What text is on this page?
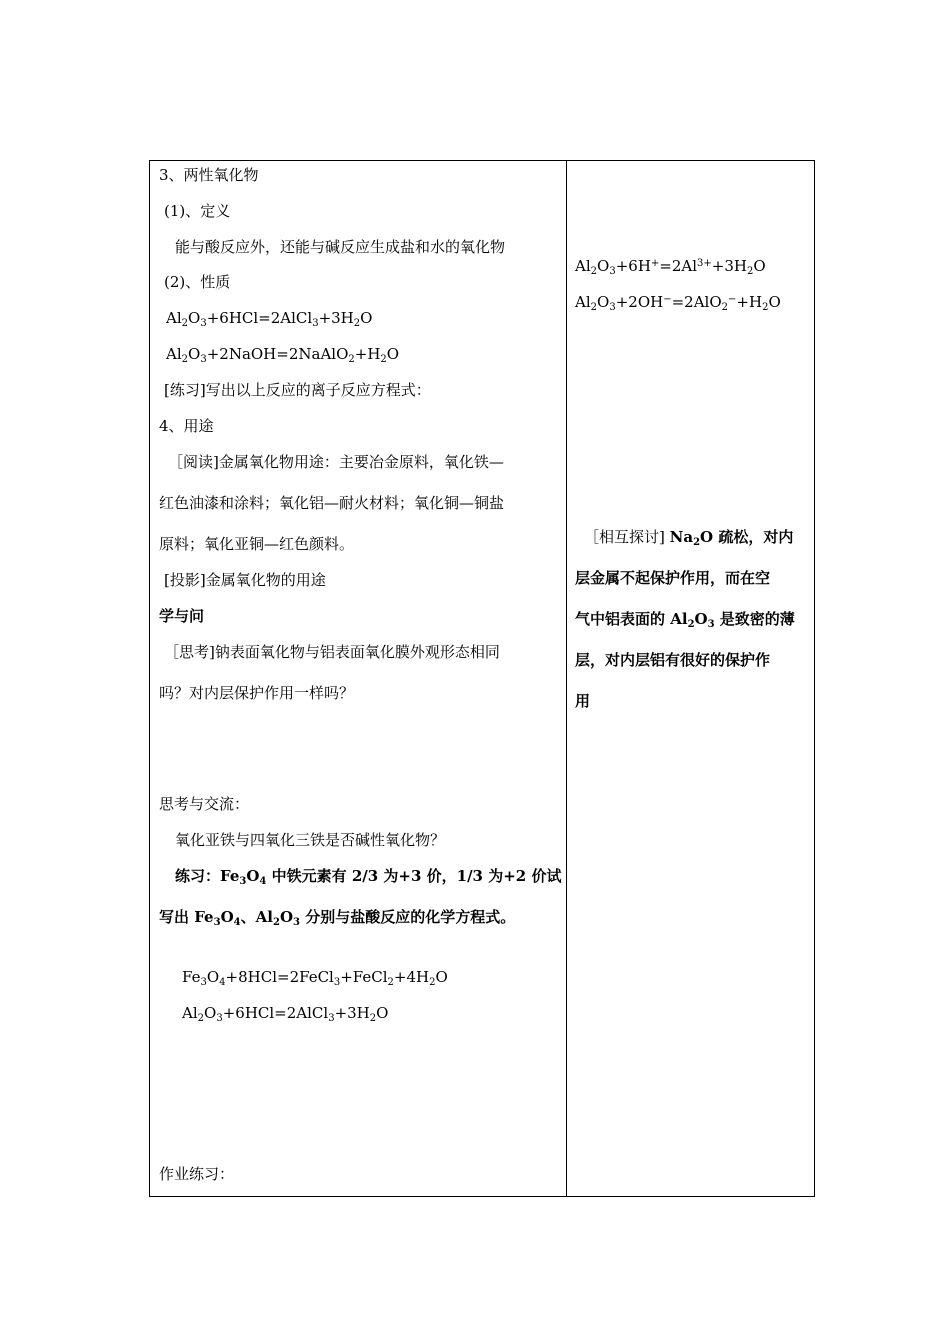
3、两性氧化物
(1)、定义
能与酸反应外，还能与碱反应生成盐和水的氧化物
(2)、性质
$Al_2O_3+6HCl=2AlCl_3+3H_2O$
$Al_2O_3+2NaOH=2NaAlO_2+H_2O$
[练习]写出以上反应的离子反应方程式：
4、用途
［阅读]金属氧化物用途：主要冶金原料，氧化铁—
红色油漆和涂料；氧化铝—耐火材料；氧化铜—铜盐
原料；氧化亚铜—红色颜料。
[投影]金属氧化物的用途
学与问
［思考]钠表面氧化物与铝表面氧化膜外观形态相同
吗？对内层保护作用一样吗？
思考与交流：
氧化亚铁与四氧化三铁是否碱性氧化物？
练习：$Fe_3O_4$ 中铁元素有 2/3 为+3 价，1/3 为+2 价试
写出 $Fe_3O_4$、$Al_2O_3$ 分别与盐酸反应的化学方程式。
$Fe_3O_4+8HCl=2FeCl_3+FeCl_2+4H_2O$
$Al_2O_3+6HCl=2AlCl_3+3H_2O$
作业练习：
$Al_2O_3+6H^+=2Al^{3+}+3H_2O$
$Al_2O_3+2OH^-=2AlO_2^-+H_2O$
［相互探讨] $Na_2O$ 疏松，对内
层金属不起保护作用，而在空
气中铝表面的 $Al_2O_3$ 是致密的薄
层，对内层铝有很好的保护作
用
